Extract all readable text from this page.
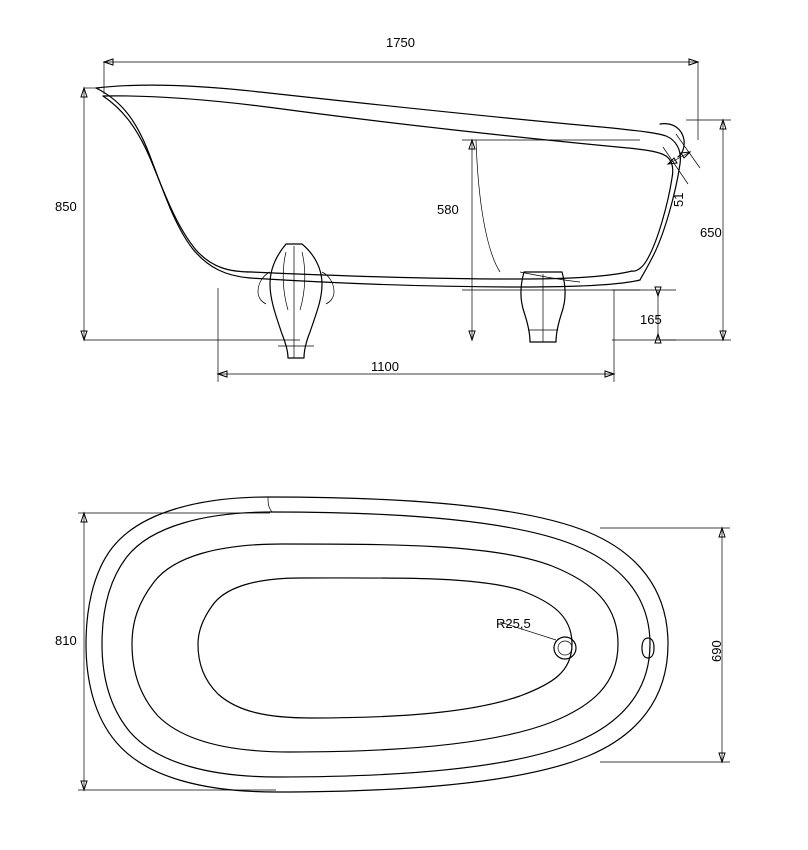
1750
850
650
580
165
51
1100
810	690
R25,5
